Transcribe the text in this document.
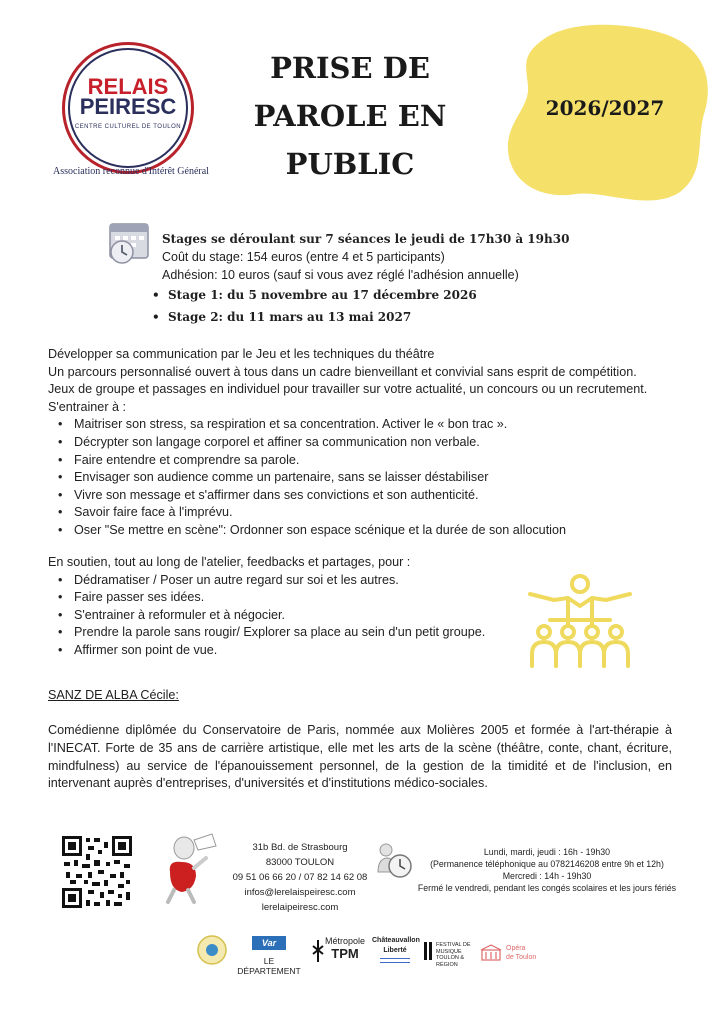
RELAIS
PEIRESC
CENTRE CULTUREL DE TOULON
Association reconnue d'Intérêt Général
PRISE DE
PAROLE EN
PUBLIC
2026/2027
Stages se déroulant sur 7 séances le jeudi de 17h30 à 19h30
Coût du stage: 154 euros (entre 4 et 5 participants)
Adhésion: 10 euros (sauf si vous avez réglé l'adhésion annuelle)
• Stage 1: du 5 novembre au 17 décembre 2026
• Stage 2: du 11 mars au 13 mai 2027
Développer sa communication par le Jeu et les techniques du théâtre
Un parcours personnalisé ouvert à tous dans un cadre bienveillant et convivial sans esprit de compétition.
Jeux de groupe et passages en individuel pour travailler sur votre actualité, un concours ou un recrutement.
S'entrainer à :
• Maitriser son stress, sa respiration et sa concentration. Activer le « bon trac ».
• Décrypter son langage corporel et affiner sa communication non verbale.
• Faire entendre et comprendre sa parole.
• Envisager son audience comme un partenaire, sans se laisser déstabiliser
• Vivre son message et s'affirmer dans ses convictions et son authenticité.
• Savoir faire face à l'imprévu.
• Oser "Se mettre en scène": Ordonner son espace scénique et la durée de son allocution
En soutien, tout au long de l'atelier, feedbacks et partages, pour :
• Dédramatiser / Poser un autre regard sur soi et les autres.
• Faire passer ses idées.
• S'entrainer à reformuler et à négocier.
• Prendre la parole sans rougir/ Explorer sa place au sein d'un petit groupe.
• Affirmer son point de vue.
SANZ DE ALBA Cécile:
Comédienne diplômée du Conservatoire de Paris, nommée aux Molières 2005 et formée à l'art-thérapie à l'INECAT. Forte de 35 ans de carrière artistique, elle met les arts de la scène (théâtre, conte, chant, écriture, mindfulness) au service de l'épanouissement personnel, de la gestion de la timidité et de l'inclusion, en intervenant auprès d'entreprises, d'universités et d'institutions médico-sociales.
31b Bd. de Strasbourg
83000 TOULON
09 51 06 66 20 / 07 82 14 62 08
infos@lerelaispeiresc.com
lerelaipeiresc.com
Lundi, mardi, jeudi : 16h - 19h30
(Permanence téléphonique au 0782146208 entre 9h et 12h)
Mercredi : 14h - 19h30
Fermé le vendredi, pendant les congés scolaires et les jours fériés
Var
LE DÉPARTEMENT
Métropole
TPM
Châteauvallon
Liberté
FESTIVAL DE MUSIQUE TOULON & RÉGION
Opéra
de Toulon
